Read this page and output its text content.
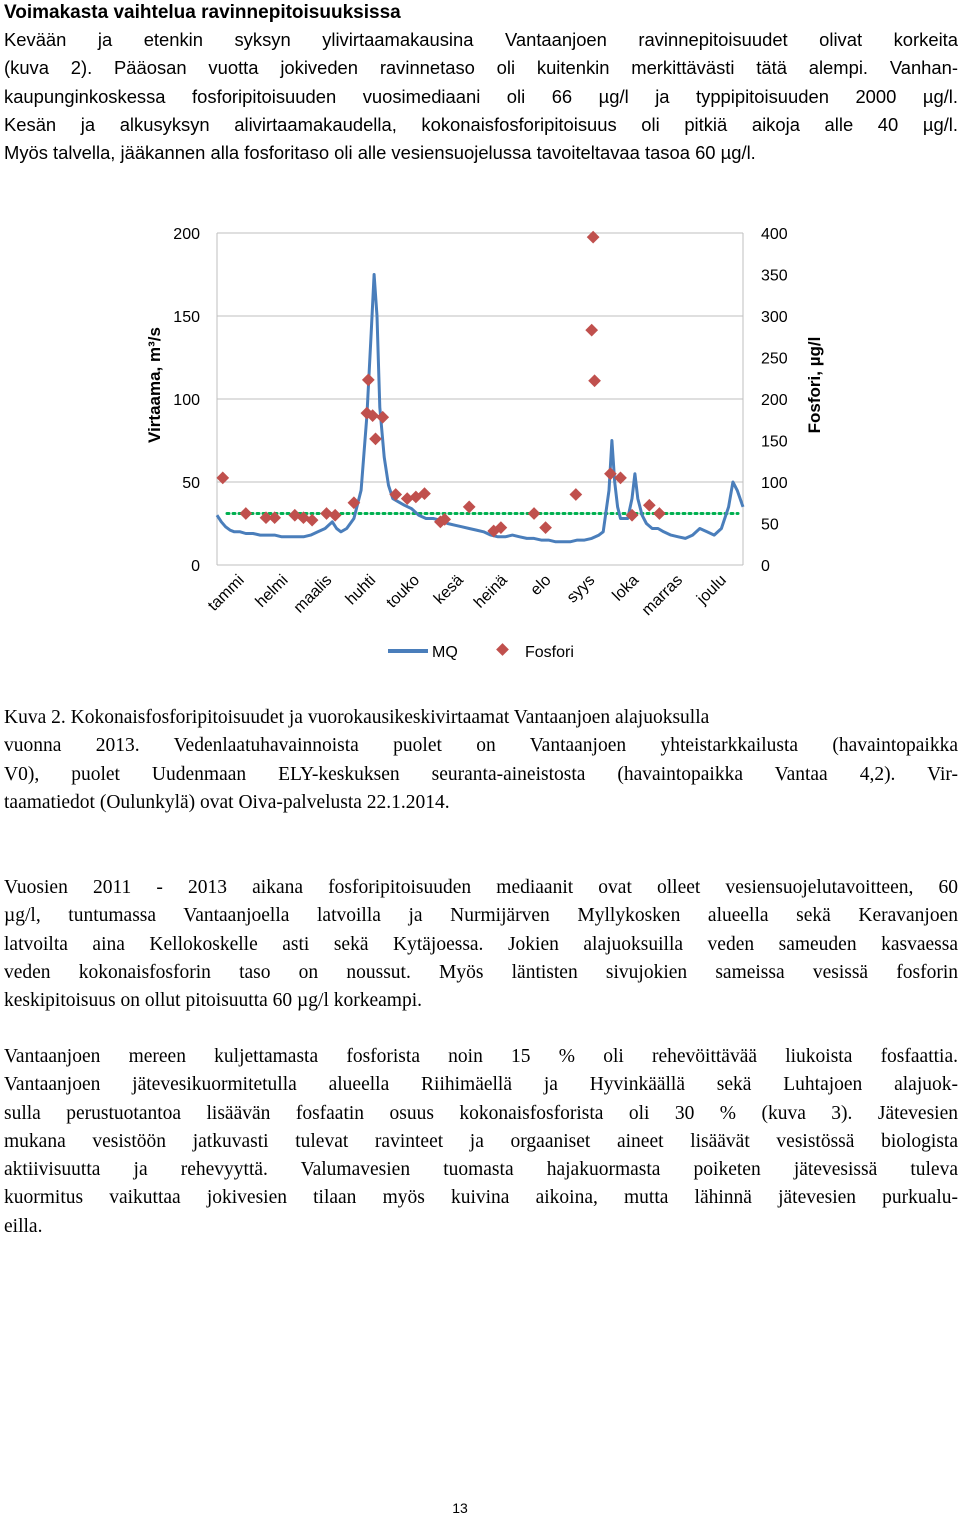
Voimakasta vaihtelua ravinnepitoisuuksissa
Kevään ja etenkin syksyn ylivirtaamakausina Vantaanjoen ravinnepitoisuudet olivat korkeita
(kuva 2). Pääosan vuotta jokiveden ravinnetaso oli kuitenkin merkittävästi tätä alempi. Vanhan-
kaupunginkoskessa fosforipitoisuuden vuosimediaani oli 66 µg/l ja typpipitoisuuden 2000 µg/l.
Kesän ja alkusyksyn alivirtaamakaudella, kokonaisfosforipitoisuus oli pitkiä aikoja alle 40 µg/l.
Myös talvella, jääkannen alla fosforitaso oli alle vesiensuojelussa tavoiteltavaa tasoa 60 µg/l.
200
150
100
50
0
400
350
300
250
200
150
100
50
0
tammi helmi maalis huhti touko kesä heinä elo syys loka
marras joulu
Virtaama, m³/s	Fosfori, µg/l
MQ	Fosfori
Kuva 2. Kokonaisfosforipitoisuudet ja vuorokausikeskivirtaamat Vantaanjoen alajuoksulla
vuonna 2013. Vedenlaatuhavainnoista puolet on Vantaanjoen yhteistarkkailusta (havaintopaikka
V0), puolet Uudenmaan ELY-keskuksen seuranta-aineistosta (havaintopaikka Vantaa 4,2). Vir-
taamatiedot (Oulunkylä) ovat Oiva-palvelusta 22.1.2014.
Vuosien 2011 - 2013 aikana fosforipitoisuuden mediaanit ovat olleet vesiensuojelutavoitteen, 60
µg/l, tuntumassa Vantaanjoella latvoilla ja Nurmijärven Myllykosken alueella sekä Keravanjoen
latvoilta aina Kellokoskelle asti sekä Kytäjoessa. Jokien alajuoksuilla veden sameuden kasvaessa
veden kokonaisfosforin taso on noussut. Myös läntisten sivujokien sameissa vesissä fosforin
keskipitoisuus on ollut pitoisuutta 60 µg/l korkeampi.
Vantaanjoen mereen kuljettamasta fosforista noin 15 % oli rehevöittävää liukoista fosfaattia.
Vantaanjoen jätevesikuormitetulla alueella Riihimäellä ja Hyvinkäällä sekä Luhtajoen alajuok-
sulla perustuotantoa lisäävän fosfaatin osuus kokonaisfosforista oli 30 % (kuva 3). Jätevesien
mukana vesistöön jatkuvasti tulevat ravinteet ja orgaaniset aineet lisäävät vesistössä biologista
aktiivisuutta ja rehevyyttä. Valumavesien tuomasta hajakuormasta poiketen jätevesissä tuleva
kuormitus vaikuttaa jokivesien tilaan myös kuivina aikoina, mutta lähinnä jätevesien purkualu-
eilla.
13
